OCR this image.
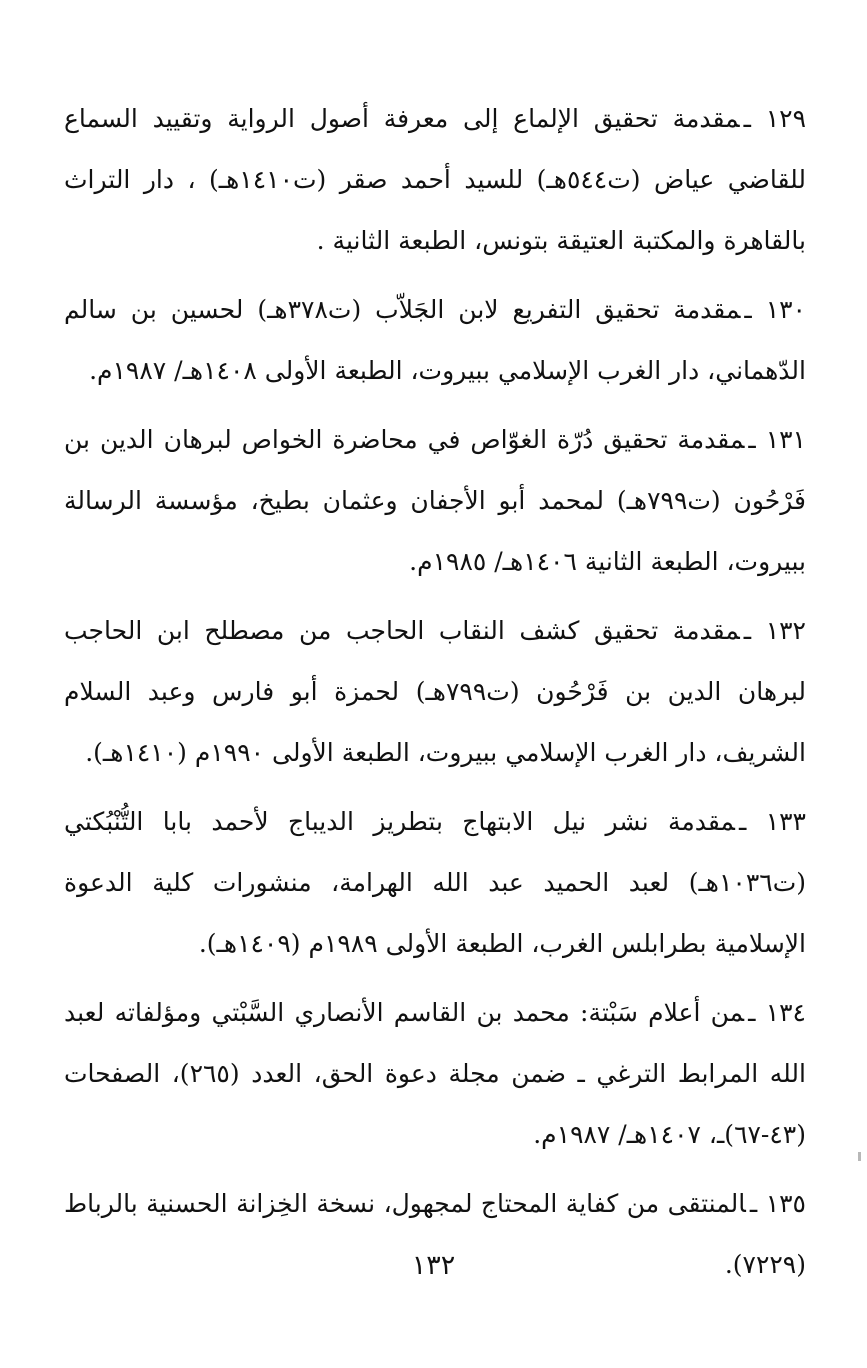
١٢٩ ـمقدمة تحقيق الإلماع إلى معرفة أصول الرواية وتقييد السماع للقاضي عياض (ت٥٤٤هـ) للسيد أحمد صقر (ت١٤١٠هـ) ، دار التراث بالقاهرة والمكتبة العتيقة بتونس، الطبعة الثانية .

١٣٠ ـمقدمة تحقيق التفريع لابن الجَلاّب (ت٣٧٨هـ) لحسين بن سالم الدّهماني، دار الغرب الإسلامي ببيروت، الطبعة الأولى ١٤٠٨هـ/ ١٩٨٧م.

١٣١ ـمقدمة تحقيق دُرّة الغوّاص في محاضرة الخواص لبرهان الدين بن فَرْحُون (ت٧٩٩هـ) لمحمد أبو الأجفان وعثمان بطيخ، مؤسسة الرسالة ببيروت، الطبعة الثانية ١٤٠٦هـ/ ١٩٨٥م.

١٣٢ ـمقدمة تحقيق كشف النقاب الحاجب من مصطلح ابن الحاجب لبرهان الدين بن فَرْحُون (ت٧٩٩هـ) لحمزة أبو فارس وعبد السلام الشريف، دار الغرب الإسلامي ببيروت، الطبعة الأولى ١٩٩٠م (١٤١٠هـ).

١٣٣ ـمقدمة نشر نيل الابتهاج بتطريز الديباج لأحمد بابا التُّنْبُكتي (ت١٠٣٦هـ) لعبد الحميد عبد الله الهرامة، منشورات كلية الدعوة الإسلامية بطرابلس الغرب، الطبعة الأولى ١٩٨٩م (١٤٠٩هـ).

١٣٤ ـمن أعلام سَبْتة: محمد بن القاسم الأنصاري السَّبْتي ومؤلفاته لعبد الله المرابط الترغي ـ ضمن مجلة دعوة الحق، العدد (٢٦٥)، الصفحات (٤٣-٦٧)ـ، ١٤٠٧هـ/ ١٩٨٧م.

١٣٥ ـالمنتقى من كفاية المحتاج لمجهول، نسخة الخِزانة الحسنية بالرباط (٧٢٢٩).

١٣٢
